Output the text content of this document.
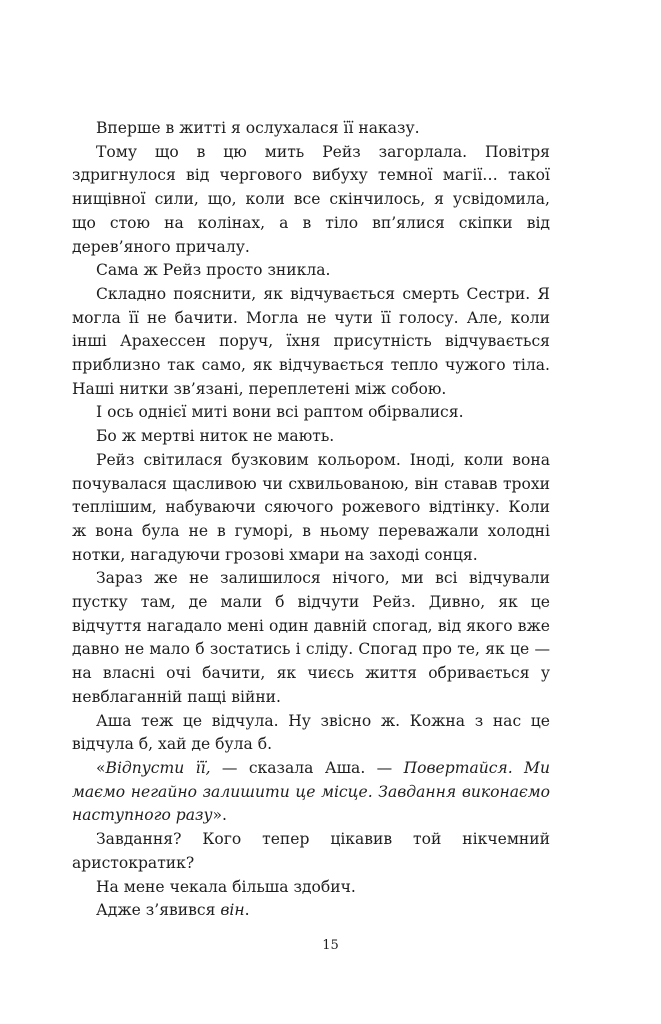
Вперше в житті я ослухалася її наказу.

Тому що в цю мить Рейз загорлала. Повітря здригнулося від чергового вибуху темної магії… такої нищівної сили, що, коли все скінчилось, я усвідомила, що стою на колінах, а в тіло вп’ялися скіпки від дерев’яного причалу.

Сама ж Рейз просто зникла.

Складно пояснити, як відчувається смерть Сестри. Я могла її не бачити. Могла не чути її голосу. Але, коли інші Арахессен поруч, їхня присутність відчувається приблизно так само, як відчувається тепло чужого тіла. Наші нитки зв’язані, переплетені між собою.

І ось однієї миті вони всі раптом обірвалися.

Бо ж мертві ниток не мають.

Рейз світилася бузковим кольором. Іноді, коли вона почувалася щасливою чи схвильованою, він ставав трохи теплішим, набуваючи сяючого рожевого відтінку. Коли ж вона була не в гуморі, в ньому переважали холодні нотки, нагадуючи грозові хмари на заході сонця.

Зараз же не залишилося нічого, ми всі відчували пустку там, де мали б відчути Рейз. Дивно, як це відчуття нагадало мені один давній спогад, від якого вже давно не мало б зостатись і сліду. Спогад про те, як це — на власні очі бачити, як чиєсь життя обривається у невблаганній пащі війни.

Аша теж це відчула. Ну звісно ж. Кожна з нас це відчула б, хай де була б.

«Відпусти її, — сказала Аша. — Повертайся. Ми маємо негайно залишити це місце. Завдання виконаємо наступного разу».

Завдання? Кого тепер цікавив той нікчемний аристократик?

На мене чекала більша здобич.

Адже з’явився він.

15
